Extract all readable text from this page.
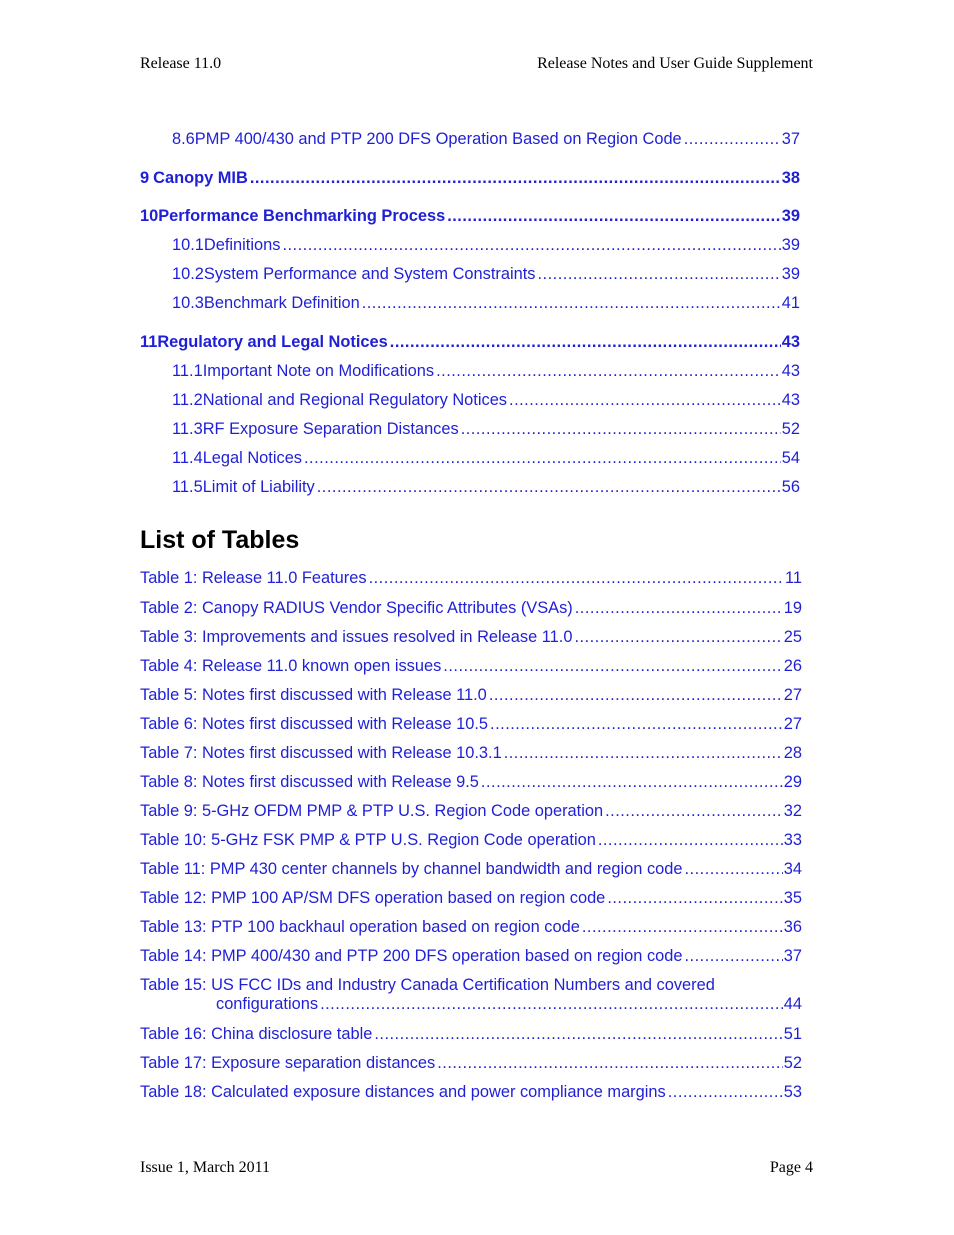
Release 11.0	Release Notes and User Guide Supplement
8.6 PMP 400/430 and PTP 200 DFS Operation Based on Region Code .....	37
9 Canopy MIB .....	38
10 Performance Benchmarking Process .....	39
10.1 Definitions .....	39
10.2 System Performance and System Constraints .....	39
10.3 Benchmark Definition .....	41
11 Regulatory and Legal Notices .....	43
11.1 Important Note on Modifications .....	43
11.2 National and Regional Regulatory Notices .....	43
11.3 RF Exposure Separation Distances .....	52
11.4 Legal Notices .....	54
11.5 Limit of Liability .....	56
List of Tables
Table 1: Release 11.0 Features .....	11
Table 2: Canopy RADIUS Vendor Specific Attributes (VSAs) .....	19
Table 3: Improvements and issues resolved in Release 11.0 .....	25
Table 4: Release 11.0 known open issues .....	26
Table 5: Notes first discussed with Release 11.0 .....	27
Table 6: Notes first discussed with Release 10.5 .....	27
Table 7: Notes first discussed with Release 10.3.1 .....	28
Table 8: Notes first discussed with Release 9.5 .....	29
Table 9: 5-GHz OFDM PMP & PTP U.S. Region Code operation .....	32
Table 10: 5-GHz FSK PMP & PTP U.S. Region Code operation .....	33
Table 11: PMP 430 center channels by channel bandwidth and region code .....	34
Table 12: PMP 100 AP/SM DFS operation based on region code .....	35
Table 13: PTP 100 backhaul operation based on region code .....	36
Table 14: PMP 400/430 and PTP 200 DFS operation based on region code .....	37
Table 15: US FCC IDs and Industry Canada Certification Numbers and covered
configurations .....	44
Table 16: China disclosure table .....	51
Table 17: Exposure separation distances .....	52
Table 18: Calculated exposure distances and power compliance margins .....	53
Issue 1, March 2011	Page 4
